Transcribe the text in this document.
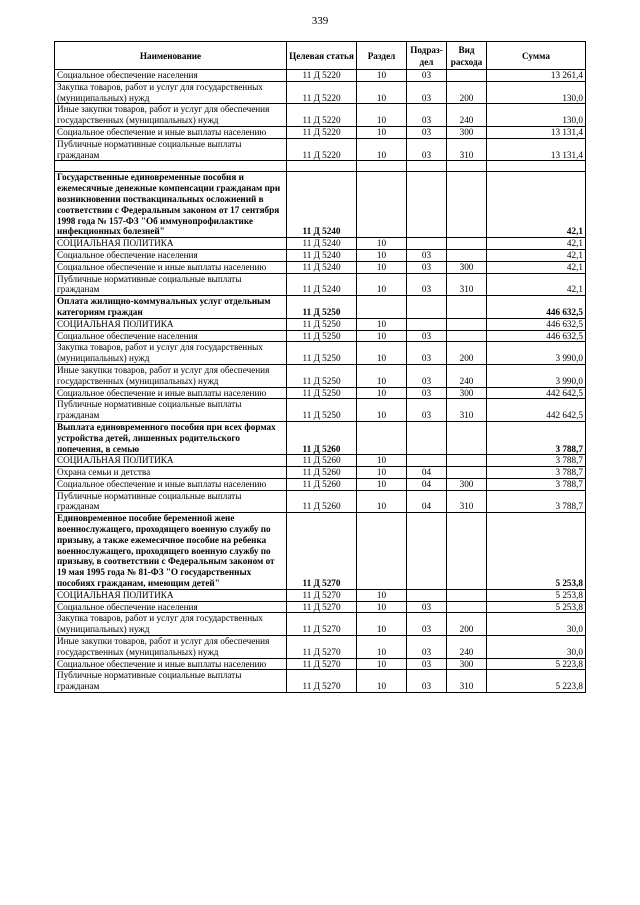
339
Наименование	Целевая статья	Раздел	Подраз-дел	Вид расхода	Сумма
Социальное обеспечение населения	11 Д 5220	10	03		13 261,4
Закупка товаров, работ и услуг для государственных (муниципальных) нужд	11 Д 5220	10	03	200	130,0
Иные закупки товаров, работ и услуг для обеспечения государственных (муниципальных) нужд	11 Д 5220	10	03	240	130,0
Социальное обеспечение и иные выплаты населению	11 Д 5220	10	03	300	13 131,4
Публичные нормативные социальные выплаты гражданам	11 Д 5220	10	03	310	13 131,4

Государственные единовременные пособия и ежемесячные денежные компенсации гражданам при возникновении поствакцинальных осложнений в соответствии с Федеральным законом от 17 сентября 1998 года № 157-ФЗ "Об иммунопрофилактике инфекционных болезней"	11 Д 5240				42,1
СОЦИАЛЬНАЯ ПОЛИТИКА	11 Д 5240	10			42,1
Социальное обеспечение населения	11 Д 5240	10	03		42,1
Социальное обеспечение и иные выплаты населению	11 Д 5240	10	03	300	42,1
Публичные нормативные социальные выплаты гражданам	11 Д 5240	10	03	310	42,1
Оплата жилищно-коммунальных услуг отдельным категориям граждан	11 Д 5250				446 632,5
СОЦИАЛЬНАЯ ПОЛИТИКА	11 Д 5250	10			446 632,5
Социальное обеспечение населения	11 Д 5250	10	03		446 632,5
Закупка товаров, работ и услуг для государственных (муниципальных) нужд	11 Д 5250	10	03	200	3 990,0
Иные закупки товаров, работ и услуг для обеспечения государственных (муниципальных) нужд	11 Д 5250	10	03	240	3 990,0
Социальное обеспечение и иные выплаты населению	11 Д 5250	10	03	300	442 642,5
Публичные нормативные социальные выплаты гражданам	11 Д 5250	10	03	310	442 642,5
Выплата единовременного пособия при всех формах устройства детей, лишенных родительского попечения, в семью	11 Д 5260				3 788,7
СОЦИАЛЬНАЯ ПОЛИТИКА	11 Д 5260	10			3 788,7
Охрана семьи и детства	11 Д 5260	10	04		3 788,7
Социальное обеспечение и иные выплаты населению	11 Д 5260	10	04	300	3 788,7
Публичные нормативные социальные выплаты гражданам	11 Д 5260	10	04	310	3 788,7
Единовременное пособие беременной жене военнослужащего, проходящего военную службу по призыву, а также ежемесячное пособие на ребенка военнослужащего, проходящего военную службу по призыву, в соответствии с Федеральным законом от 19 мая 1995 года № 81-ФЗ "О государственных пособиях гражданам, имеющим детей"	11 Д 5270				5 253,8
СОЦИАЛЬНАЯ ПОЛИТИКА	11 Д 5270	10			5 253,8
Социальное обеспечение населения	11 Д 5270	10	03		5 253,8
Закупка товаров, работ и услуг для государственных (муниципальных) нужд	11 Д 5270	10	03	200	30,0
Иные закупки товаров, работ и услуг для обеспечения государственных (муниципальных) нужд	11 Д 5270	10	03	240	30,0
Социальное обеспечение и иные выплаты населению	11 Д 5270	10	03	300	5 223,8
Публичные нормативные социальные выплаты гражданам	11 Д 5270	10	03	310	5 223,8
